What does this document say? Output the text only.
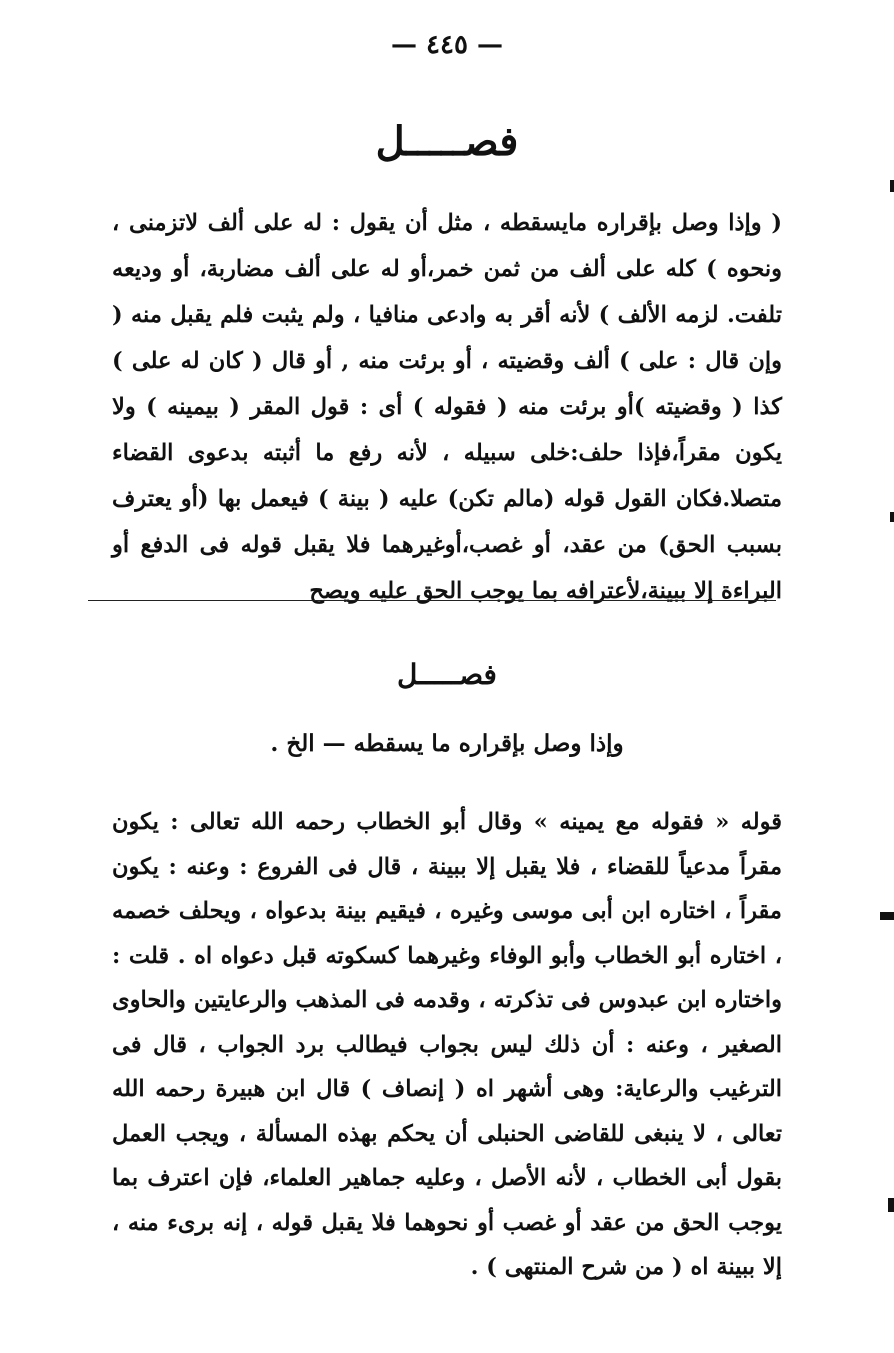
— ٤٤٥ —
فصـــــل

( وإذا وصل بإقراره مايسقطه ، مثل أن يقول : له على ألف لاتزمنى ، ونحوه ) كله على ألف من ثمن خمر،أو له على ألف مضاربة، أو وديعه تلفت. لزمه الألف ) لأنه أقر به وادعى منافيا ، ولم يثبت فلم يقبل منه ( وإن قال : على ) ألف وقضيته ، أو برئت منه , أو قال ( كان له على ) كذا ( وقضيته )أو برئت منه ( فقوله ) أى : قول المقر ( بيمينه ) ولا يكون مقراً،فإذا حلف:خلى سبيله ، لأنه رفع ما أثبته بدعوى القضاء متصلا.فكان القول قوله (مالم تكن) عليه ( بينة ) فيعمل بها (أو يعترف بسبب الحق) من عقد، أو غصب،أوغيرهما فلا يقبل قوله فى الدفع أو البراءة إلا ببينة،لأعترافه بما يوجب الحق عليه ويصح

فصـــــل
وإذا وصل بإقراره ما يسقطه — الخ .

قوله « فقوله مع يمينه » وقال أبو الخطاب رحمه الله تعالى : يكون مقراً مدعياً للقضاء ، فلا يقبل إلا ببينة ، قال فى الفروع : وعنه : يكون مقراً ، اختاره ابن أبى موسى وغيره ، فيقيم بينة بدعواه ، ويحلف خصمه ، اختاره أبو الخطاب وأبو الوفاء وغيرهما كسكوته قبل دعواه اه . قلت : واختاره ابن عبدوس فى تذكرته ، وقدمه فى المذهب والرعايتين والحاوى الصغير ، وعنه : أن ذلك ليس بجواب فيطالب برد الجواب ، قال فى الترغيب والرعاية: وهى أشهر اه ( إنصاف ) قال ابن هبيرة رحمه الله تعالى ، لا ينبغى للقاضى الحنبلى أن يحكم بهذه المسألة ، ويجب العمل بقول أبى الخطاب ، لأنه الأصل ، وعليه جماهير العلماء، فإن اعترف بما يوجب الحق من عقد أو غصب أو نحوهما فلا يقبل قوله ، إنه برىء منه ، إلا ببينة اه ( من شرح المنتهى ) .
